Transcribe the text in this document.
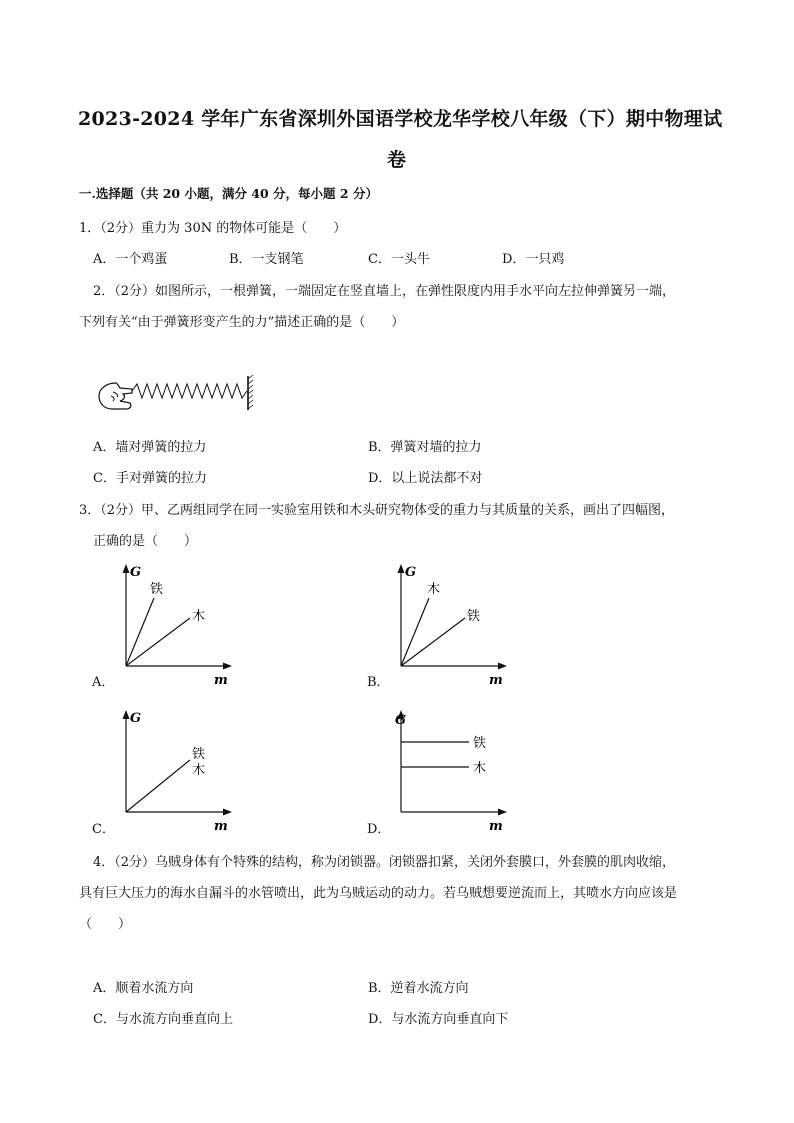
2023-2024 学年广东省深圳外国语学校龙华学校八年级（下）期中物理试
卷
一.选择题（共 20 小题，满分 40 分，每小题 2 分）
1．（2分）重力为 30N 的物体可能是（　　）
A．一个鸡蛋	B．一支钢笔	C．一头牛	D．一只鸡
2．（2分）如图所示，一根弹簧，一端固定在竖直墙上，在弹性限度内用手水平向左拉伸弹簧另一端，
下列有关“由于弹簧形变产生的力”描述正确的是（　　）
A．墙对弹簧的拉力	B．弹簧对墙的拉力
C．手对弹簧的拉力	D．以上说法都不对
3．（2分）甲、乙两组同学在同一实验室用铁和木头研究物体受的重力与其质量的关系，画出了四幅图，
正确的是（　　）
G
m
铁
木
A．
G
m
木
铁
B．
G
m
铁
木
C．
G
m
铁
木
D．
4．（2分）乌贼身体有个特殊的结构，称为闭锁器。闭锁器扣紧，关闭外套膜口，外套膜的肌肉收缩，
具有巨大压力的海水自漏斗的水管喷出，此为乌贼运动的动力。若乌贼想要逆流而上，其喷水方向应该是
（　　）
A．顺着水流方向	B．逆着水流方向
C．与水流方向垂直向上	D．与水流方向垂直向下
